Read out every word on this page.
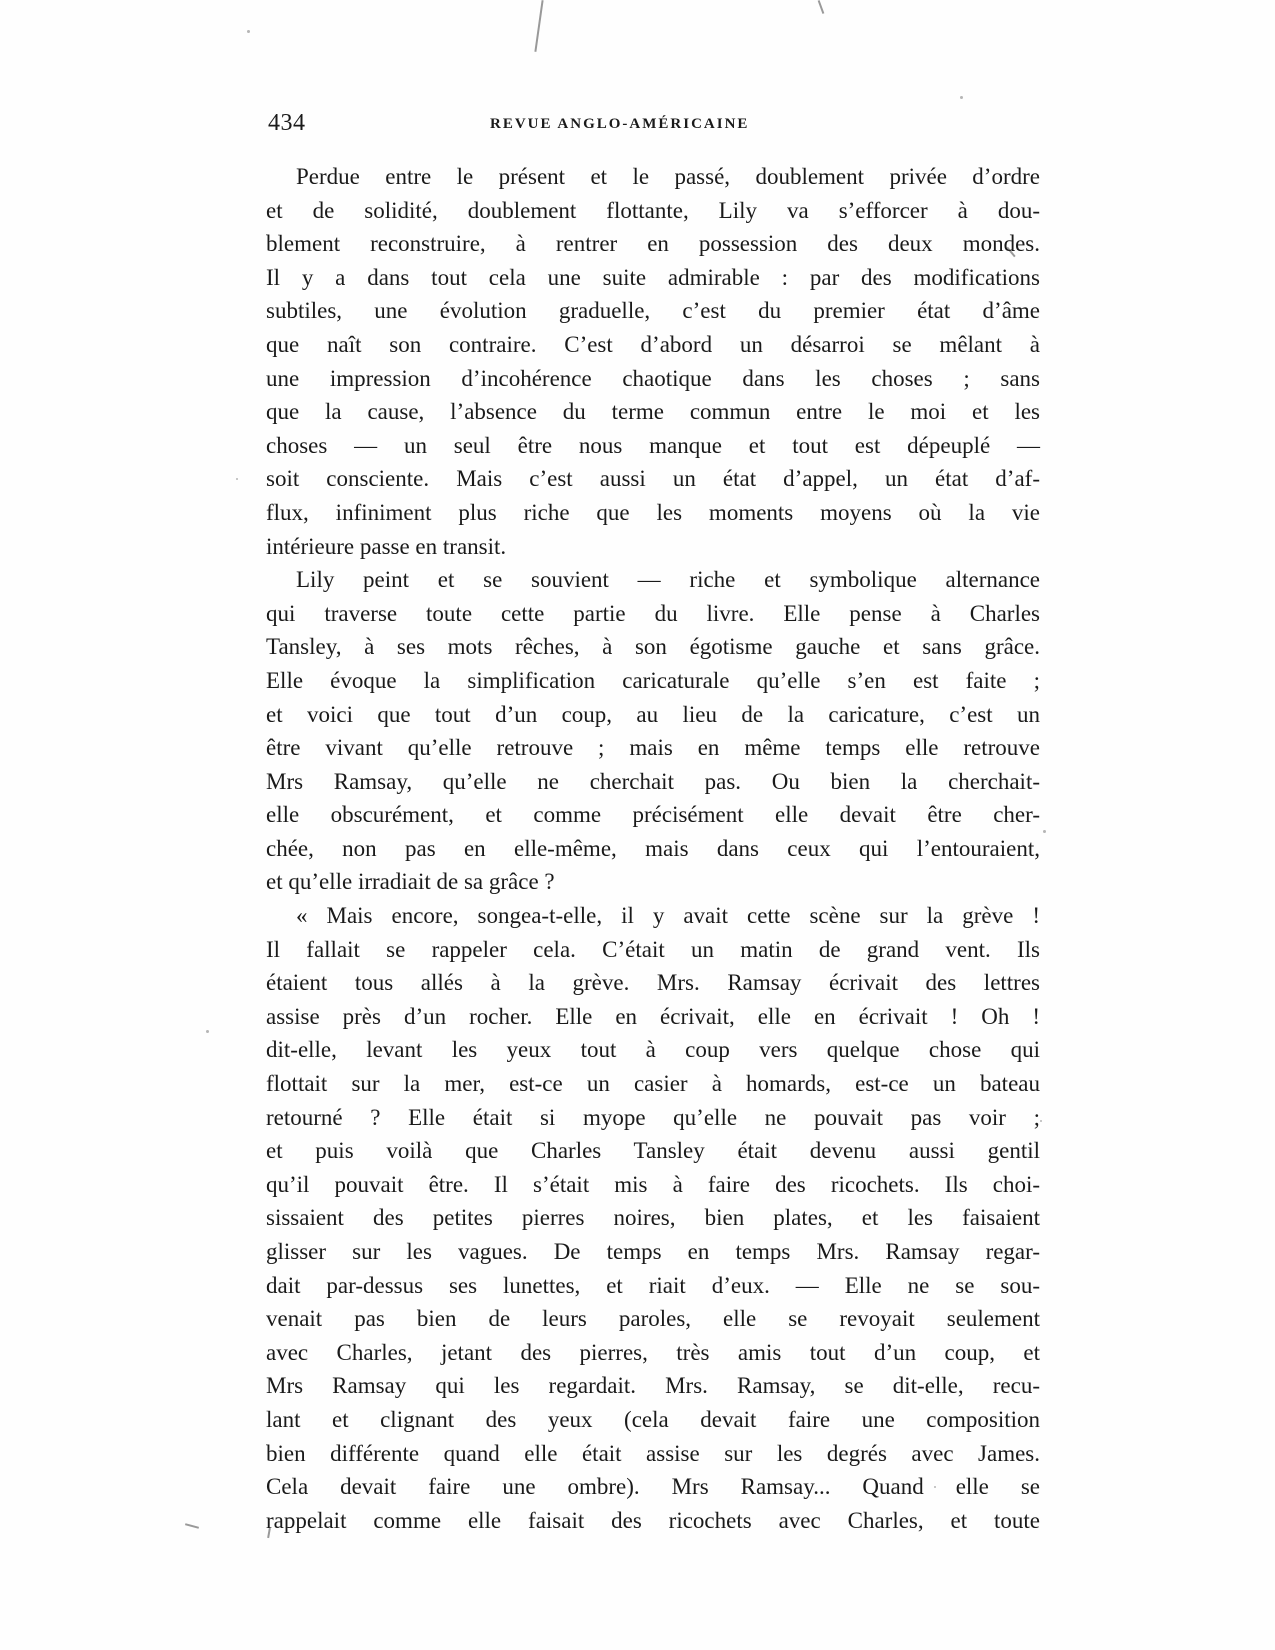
434	REVUE ANGLO-AMÉRICAINE
Perdue entre le présent et le passé, doublement privée d’ordre
et de solidité, doublement flottante, Lily va s’efforcer à dou-
blement reconstruire, à rentrer en possession des deux mondes.
Il y a dans tout cela une suite admirable : par des modifications
subtiles, une évolution graduelle, c’est du premier état d’âme
que naît son contraire. C’est d’abord un désarroi se mêlant à
une impression d’incohérence chaotique dans les choses ; sans
que la cause, l’absence du terme commun entre le moi et les
choses — un seul être nous manque et tout est dépeuplé —
soit consciente. Mais c’est aussi un état d’appel, un état d’af-
flux, infiniment plus riche que les moments moyens où la vie
intérieure passe en transit.
Lily peint et se souvient — riche et symbolique alternance
qui traverse toute cette partie du livre. Elle pense à Charles
Tansley, à ses mots rêches, à son égotisme gauche et sans grâce.
Elle évoque la simplification caricaturale qu’elle s’en est faite ;
et voici que tout d’un coup, au lieu de la caricature, c’est un
être vivant qu’elle retrouve ; mais en même temps elle retrouve
Mrs Ramsay, qu’elle ne cherchait pas. Ou bien la cherchait-
elle obscurément, et comme précisément elle devait être cher-
chée, non pas en elle-même, mais dans ceux qui l’entouraient,
et qu’elle irradiait de sa grâce ?
« Mais encore, songea-t-elle, il y avait cette scène sur la grève !
Il fallait se rappeler cela. C’était un matin de grand vent. Ils
étaient tous allés à la grève. Mrs. Ramsay écrivait des lettres
assise près d’un rocher. Elle en écrivait, elle en écrivait ! Oh !
dit-elle, levant les yeux tout à coup vers quelque chose qui
flottait sur la mer, est-ce un casier à homards, est-ce un bateau
retourné ? Elle était si myope qu’elle ne pouvait pas voir ;
et puis voilà que Charles Tansley était devenu aussi gentil
qu’il pouvait être. Il s’était mis à faire des ricochets. Ils choi-
sissaient des petites pierres noires, bien plates, et les faisaient
glisser sur les vagues. De temps en temps Mrs. Ramsay regar-
dait par-dessus ses lunettes, et riait d’eux. — Elle ne se sou-
venait pas bien de leurs paroles, elle se revoyait seulement
avec Charles, jetant des pierres, très amis tout d’un coup, et
Mrs Ramsay qui les regardait. Mrs. Ramsay, se dit-elle, recu-
lant et clignant des yeux (cela devait faire une composition
bien différente quand elle était assise sur les degrés avec James.
Cela devait faire une ombre). Mrs Ramsay... Quand elle se
rappelait comme elle faisait des ricochets avec Charles, et toute
